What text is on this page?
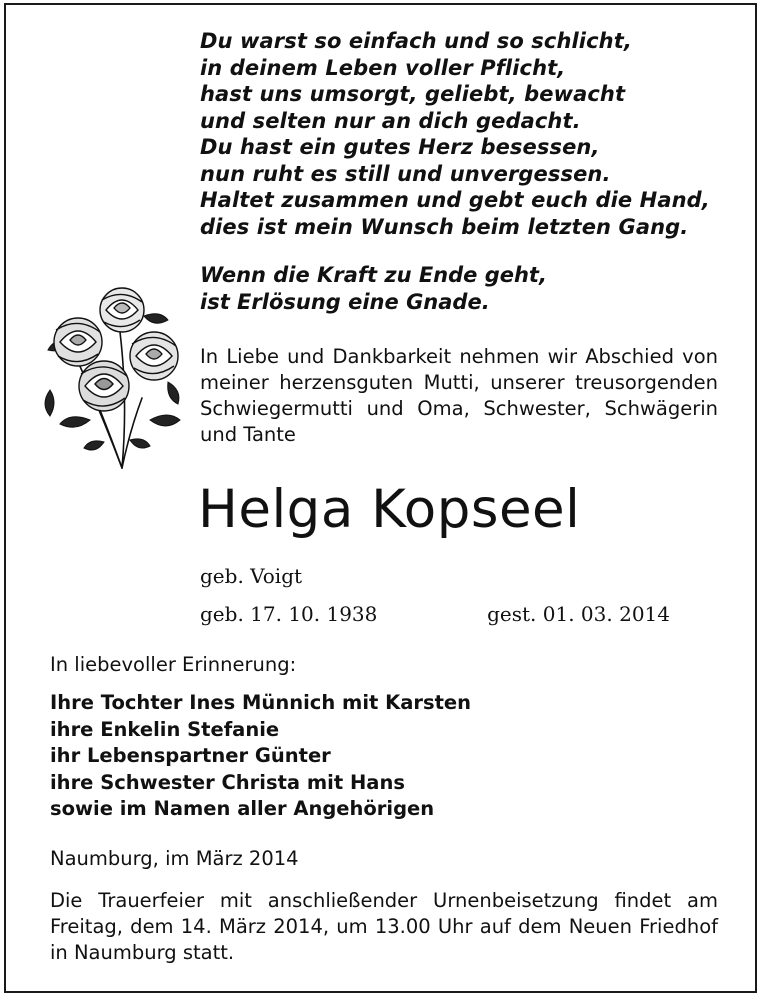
Du warst so einfach und so schlicht,
in deinem Leben voller Pflicht,
hast uns umsorgt, geliebt, bewacht
und selten nur an dich gedacht.
Du hast ein gutes Herz besessen,
nun ruht es still und unvergessen.
Haltet zusammen und gebt euch die Hand,
dies ist mein Wunsch beim letzten Gang.
Wenn die Kraft zu Ende geht,
ist Erlösung eine Gnade.
In Liebe und Dankbarkeit nehmen wir Abschied von meiner herzensguten Mutti, unserer treusorgenden Schwiegermutti und Oma, Schwester, Schwägerin und Tante
Helga Kopseel
geb. Voigt
geb. 17. 10. 1938	gest. 01. 03. 2014
In liebevoller Erinnerung:
Ihre Tochter Ines Münnich mit Karsten
ihre Enkelin Stefanie
ihr Lebenspartner Günter
ihre Schwester Christa mit Hans
sowie im Namen aller Angehörigen
Naumburg, im März 2014
Die Trauerfeier mit anschließender Urnenbeisetzung findet am Freitag, dem 14. März 2014, um 13.00 Uhr auf dem Neuen Friedhof in Naumburg statt.
